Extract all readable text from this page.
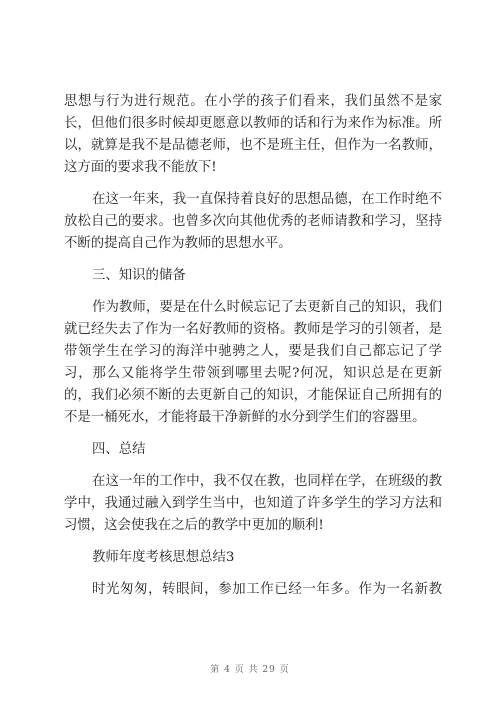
思想与行为进行规范。在小学的孩子们看来，我们虽然不是家
长，但他们很多时候却更愿意以教师的话和行为来作为标准。所
以，就算是我不是品德老师，也不是班主任，但作为一名教师，
这方面的要求我不能放下!
在这一年来，我一直保持着良好的思想品德，在工作时绝不
放松自己的要求。也曾多次向其他优秀的老师请教和学习，坚持
不断的提高自己作为教师的思想水平。
三、知识的储备
作为教师，要是在什么时候忘记了去更新自己的知识，我们
就已经失去了作为一名好教师的资格。教师是学习的引领者，是
带领学生在学习的海洋中驰骋之人，要是我们自己都忘记了学
习，那么又能将学生带领到哪里去呢?何况，知识总是在更新
的，我们必须不断的去更新自己的知识，才能保证自己所拥有的
不是一桶死水，才能将最干净新鲜的水分到学生们的容器里。
四、总结
在这一年的工作中，我不仅在教，也同样在学，在班级的教
学中，我通过融入到学生当中，也知道了许多学生的学习方法和
习惯，这会使我在之后的教学中更加的顺利!
教师年度考核思想总结3
时光匆匆，转眼间，参加工作已经一年多。作为一名新教
第 4 页 共 29 页
